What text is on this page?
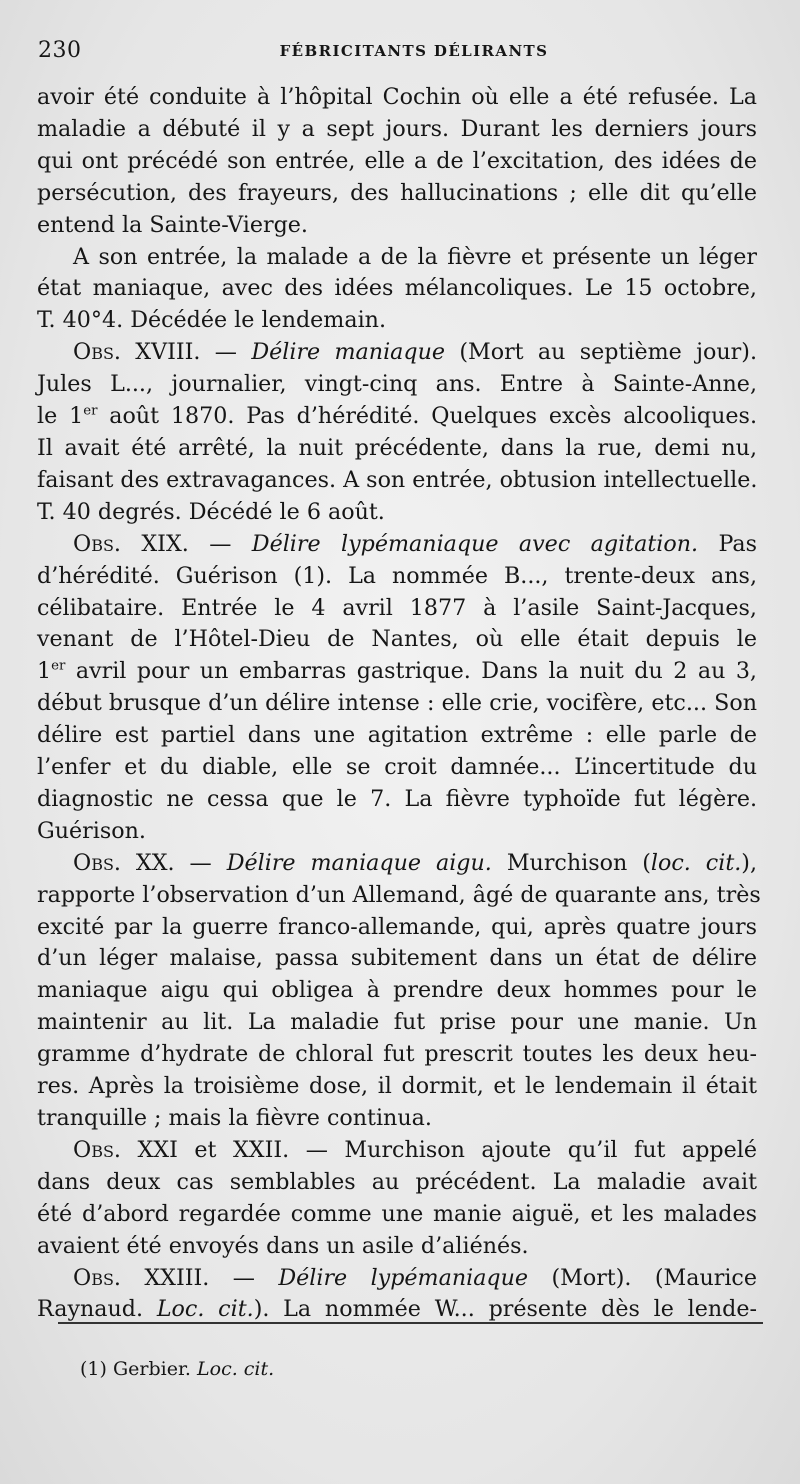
230	FÉBRICITANTS DÉLIRANTS
avoir été conduite à l’hôpital Cochin où elle a été refusée. La
maladie a débuté il y a sept jours. Durant les derniers jours
qui ont précédé son entrée, elle a de l’excitation, des idées de
persécution, des frayeurs, des hallucinations ; elle dit qu’elle
entend la Sainte-Vierge.
A son entrée, la malade a de la fièvre et présente un léger
état maniaque, avec des idées mélancoliques. Le 15 octobre,
T. 40°4. Décédée le lendemain.
Obs. XVIII. — Délire maniaque (Mort au septième jour).
Jules L..., journalier, vingt-cinq ans. Entre à Sainte-Anne,
le 1er août 1870. Pas d’hérédité. Quelques excès alcooliques.
Il avait été arrêté, la nuit précédente, dans la rue, demi nu,
faisant des extravagances. A son entrée, obtusion intellectuelle.
T. 40 degrés. Décédé le 6 août.
Obs. XIX. — Délire lypémaniaque avec agitation. Pas
d’hérédité. Guérison (1). La nommée B..., trente-deux ans,
célibataire. Entrée le 4 avril 1877 à l’asile Saint-Jacques,
venant de l’Hôtel-Dieu de Nantes, où elle était depuis le
1er avril pour un embarras gastrique. Dans la nuit du 2 au 3,
début brusque d’un délire intense : elle crie, vocifère, etc... Son
délire est partiel dans une agitation extrême : elle parle de
l’enfer et du diable, elle se croit damnée... L’incertitude du
diagnostic ne cessa que le 7. La fièvre typhoïde fut légère.
Guérison.
Obs. XX. — Délire maniaque aigu. Murchison (loc. cit.),
rapporte l’observation d’un Allemand, âgé de quarante ans, très
excité par la guerre franco-allemande, qui, après quatre jours
d’un léger malaise, passa subitement dans un état de délire
maniaque aigu qui obligea à prendre deux hommes pour le
maintenir au lit. La maladie fut prise pour une manie. Un
gramme d’hydrate de chloral fut prescrit toutes les deux heu-
res. Après la troisième dose, il dormit, et le lendemain il était
tranquille ; mais la fièvre continua.
Obs. XXI et XXII. — Murchison ajoute qu’il fut appelé
dans deux cas semblables au précédent. La maladie avait
été d’abord regardée comme une manie aiguë, et les malades
avaient été envoyés dans un asile d’aliénés.
Obs. XXIII. — Délire lypémaniaque (Mort). (Maurice
Raynaud. Loc. cit.). La nommée W... présente dès le lende-
(1) Gerbier. Loc. cit.
